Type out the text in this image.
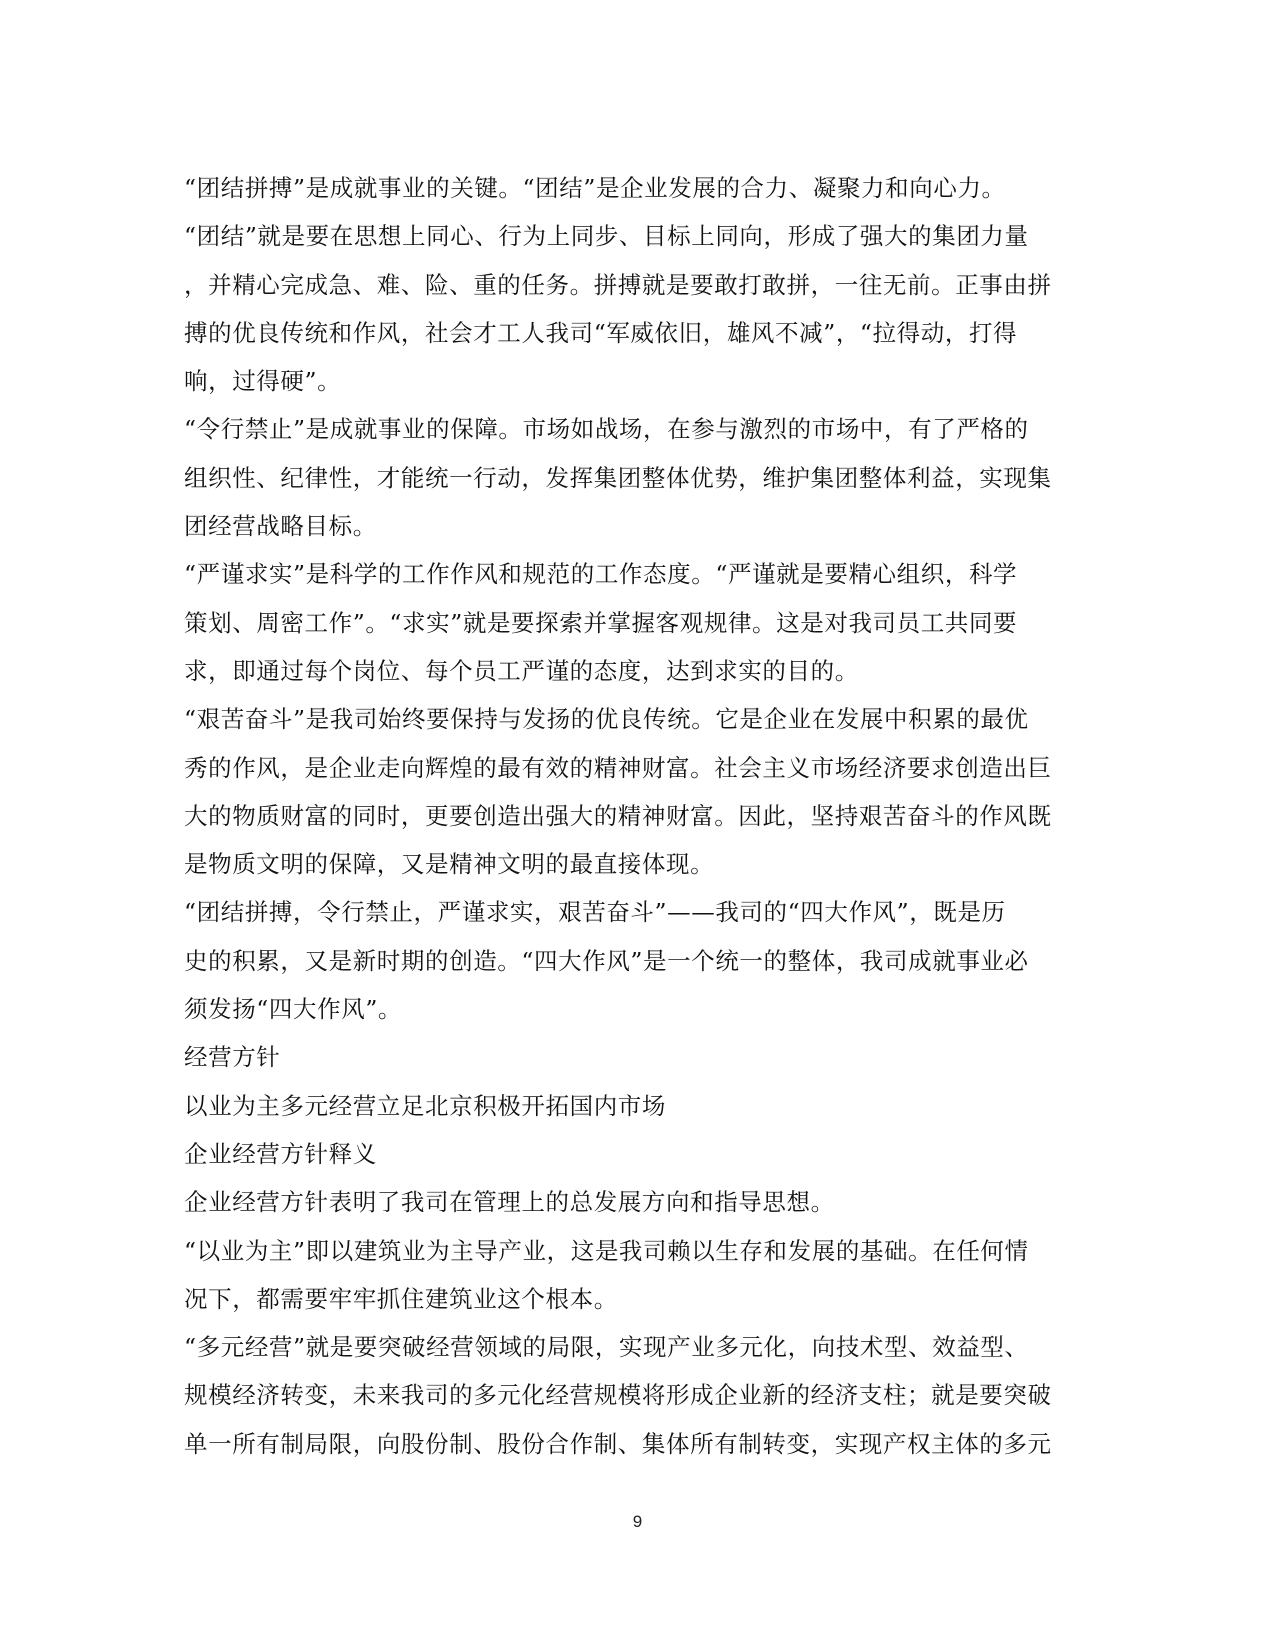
“团结拼搏”是成就事业的关键。“团结”是企业发展的合力、凝聚力和向心力。
“团结”就是要在思想上同心、行为上同步、目标上同向，形成了强大的集团力量
，并精心完成急、难、险、重的任务。拼搏就是要敢打敢拼，一往无前。正事由拼
搏的优良传统和作风，社会才工人我司“军威依旧，雄风不减”，“拉得动，打得
响，过得硬”。
“令行禁止”是成就事业的保障。市场如战场，在参与激烈的市场中，有了严格的
组织性、纪律性，才能统一行动，发挥集团整体优势，维护集团整体利益，实现集
团经营战略目标。
“严谨求实”是科学的工作作风和规范的工作态度。“严谨就是要精心组织，科学
策划、周密工作”。“求实”就是要探索并掌握客观规律。这是对我司员工共同要
求，即通过每个岗位、每个员工严谨的态度，达到求实的目的。
“艰苦奋斗”是我司始终要保持与发扬的优良传统。它是企业在发展中积累的最优
秀的作风，是企业走向辉煌的最有效的精神财富。社会主义市场经济要求创造出巨
大的物质财富的同时，更要创造出强大的精神财富。因此，坚持艰苦奋斗的作风既
是物质文明的保障，又是精神文明的最直接体现。
“团结拼搏，令行禁止，严谨求实，艰苦奋斗”——我司的“四大作风”，既是历
史的积累，又是新时期的创造。“四大作风”是一个统一的整体，我司成就事业必
须发扬“四大作风”。
经营方针
以业为主多元经营立足北京积极开拓国内市场
企业经营方针释义
企业经营方针表明了我司在管理上的总发展方向和指导思想。
“以业为主”即以建筑业为主导产业，这是我司赖以生存和发展的基础。在任何情
况下，都需要牢牢抓住建筑业这个根本。
“多元经营”就是要突破经营领域的局限，实现产业多元化，向技术型、效益型、
规模经济转变，未来我司的多元化经营规模将形成企业新的经济支柱；就是要突破
单一所有制局限，向股份制、股份合作制、集体所有制转变，实现产权主体的多元
9
